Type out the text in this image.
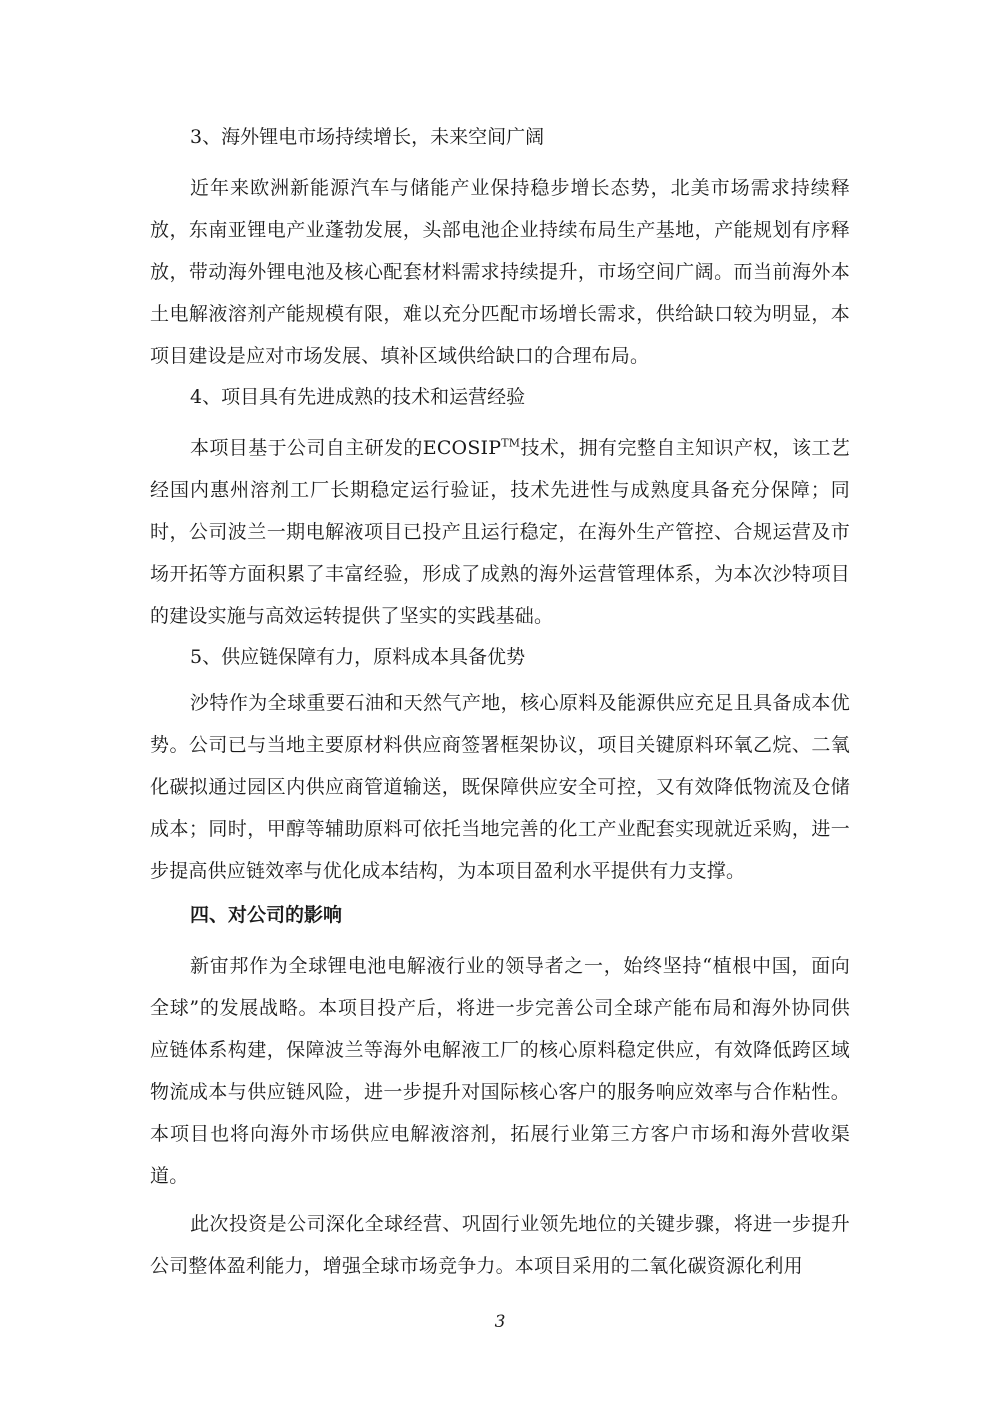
3、海外锂电市场持续增长，未来空间广阔

近年来欧洲新能源汽车与储能产业保持稳步增长态势，北美市场需求持续释放，东南亚锂电产业蓬勃发展，头部电池企业持续布局生产基地，产能规划有序释放，带动海外锂电池及核心配套材料需求持续提升，市场空间广阔。而当前海外本土电解液溶剂产能规模有限，难以充分匹配市场增长需求，供给缺口较为明显，本项目建设是应对市场发展、填补区域供给缺口的合理布局。

4、项目具有先进成熟的技术和运营经验

本项目基于公司自主研发的ECOSIP™技术，拥有完整自主知识产权，该工艺经国内惠州溶剂工厂长期稳定运行验证，技术先进性与成熟度具备充分保障；同时，公司波兰一期电解液项目已投产且运行稳定，在海外生产管控、合规运营及市场开拓等方面积累了丰富经验，形成了成熟的海外运营管理体系，为本次沙特项目的建设实施与高效运转提供了坚实的实践基础。

5、供应链保障有力，原料成本具备优势

沙特作为全球重要石油和天然气产地，核心原料及能源供应充足且具备成本优势。公司已与当地主要原材料供应商签署框架协议，项目关键原料环氧乙烷、二氧化碳拟通过园区内供应商管道输送，既保障供应安全可控，又有效降低物流及仓储成本；同时，甲醇等辅助原料可依托当地完善的化工产业配套实现就近采购，进一步提高供应链效率与优化成本结构，为本项目盈利水平提供有力支撑。

四、对公司的影响

新宙邦作为全球锂电池电解液行业的领导者之一，始终坚持“植根中国，面向全球”的发展战略。本项目投产后，将进一步完善公司全球产能布局和海外协同供应链体系构建，保障波兰等海外电解液工厂的核心原料稳定供应，有效降低跨区域物流成本与供应链风险，进一步提升对国际核心客户的服务响应效率与合作粘性。本项目也将向海外市场供应电解液溶剂，拓展行业第三方客户市场和海外营收渠道。

此次投资是公司深化全球经营、巩固行业领先地位的关键步骤，将进一步提升公司整体盈利能力，增强全球市场竞争力。本项目采用的二氧化碳资源化利用

3
